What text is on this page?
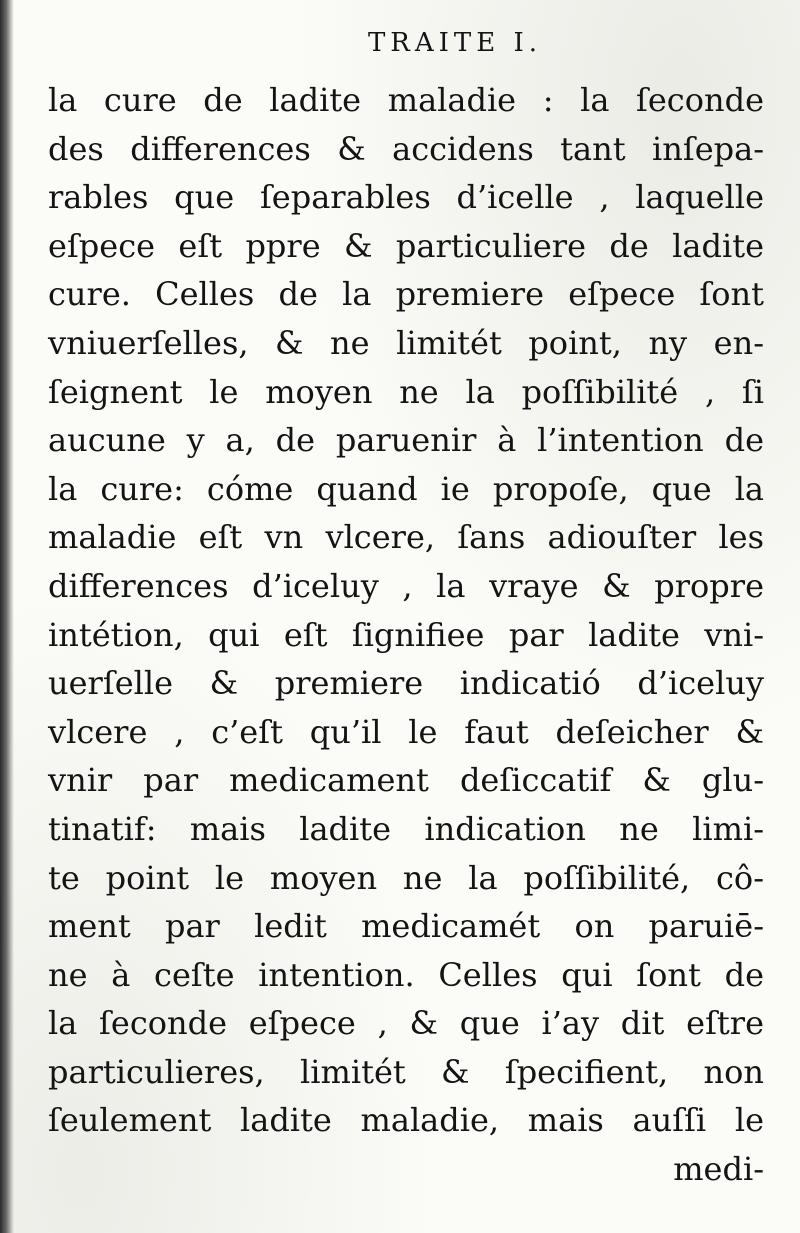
TRAITE I.
la cure de ladite maladie : la ſeconde
des differences & accidens tant inſepa-
rables que ſeparables d’icelle , laquelle
eſpece eſt ppre & particuliere de ladite
cure. Celles de la premiere eſpece ſont
vniuerſelles, & ne limitét point, ny en-
ſeignent le moyen ne la poſſibilité , ſi
aucune y a, de paruenir à l’intention de
la cure: cóme quand ie propoſe, que la
maladie eſt vn vlcere, ſans adiouſter les
differences d’iceluy , la vraye & propre
intétion, qui eſt ſignifiee par ladite vni-
uerſelle & premiere indicatió d’iceluy
vlcere , c’eſt qu’il le faut deſeicher &
vnir par medicament deſiccatif & glu-
tinatif: mais ladite indication ne limi-
te point le moyen ne la poſſibilité, cô-
ment par ledit medicamét on paruiē-
ne à ceſte intention. Celles qui ſont de
la ſeconde eſpece , & que i’ay dit eſtre
particulieres, limitét & ſpecifient, non
ſeulement ladite maladie, mais auſſi le
medi-
